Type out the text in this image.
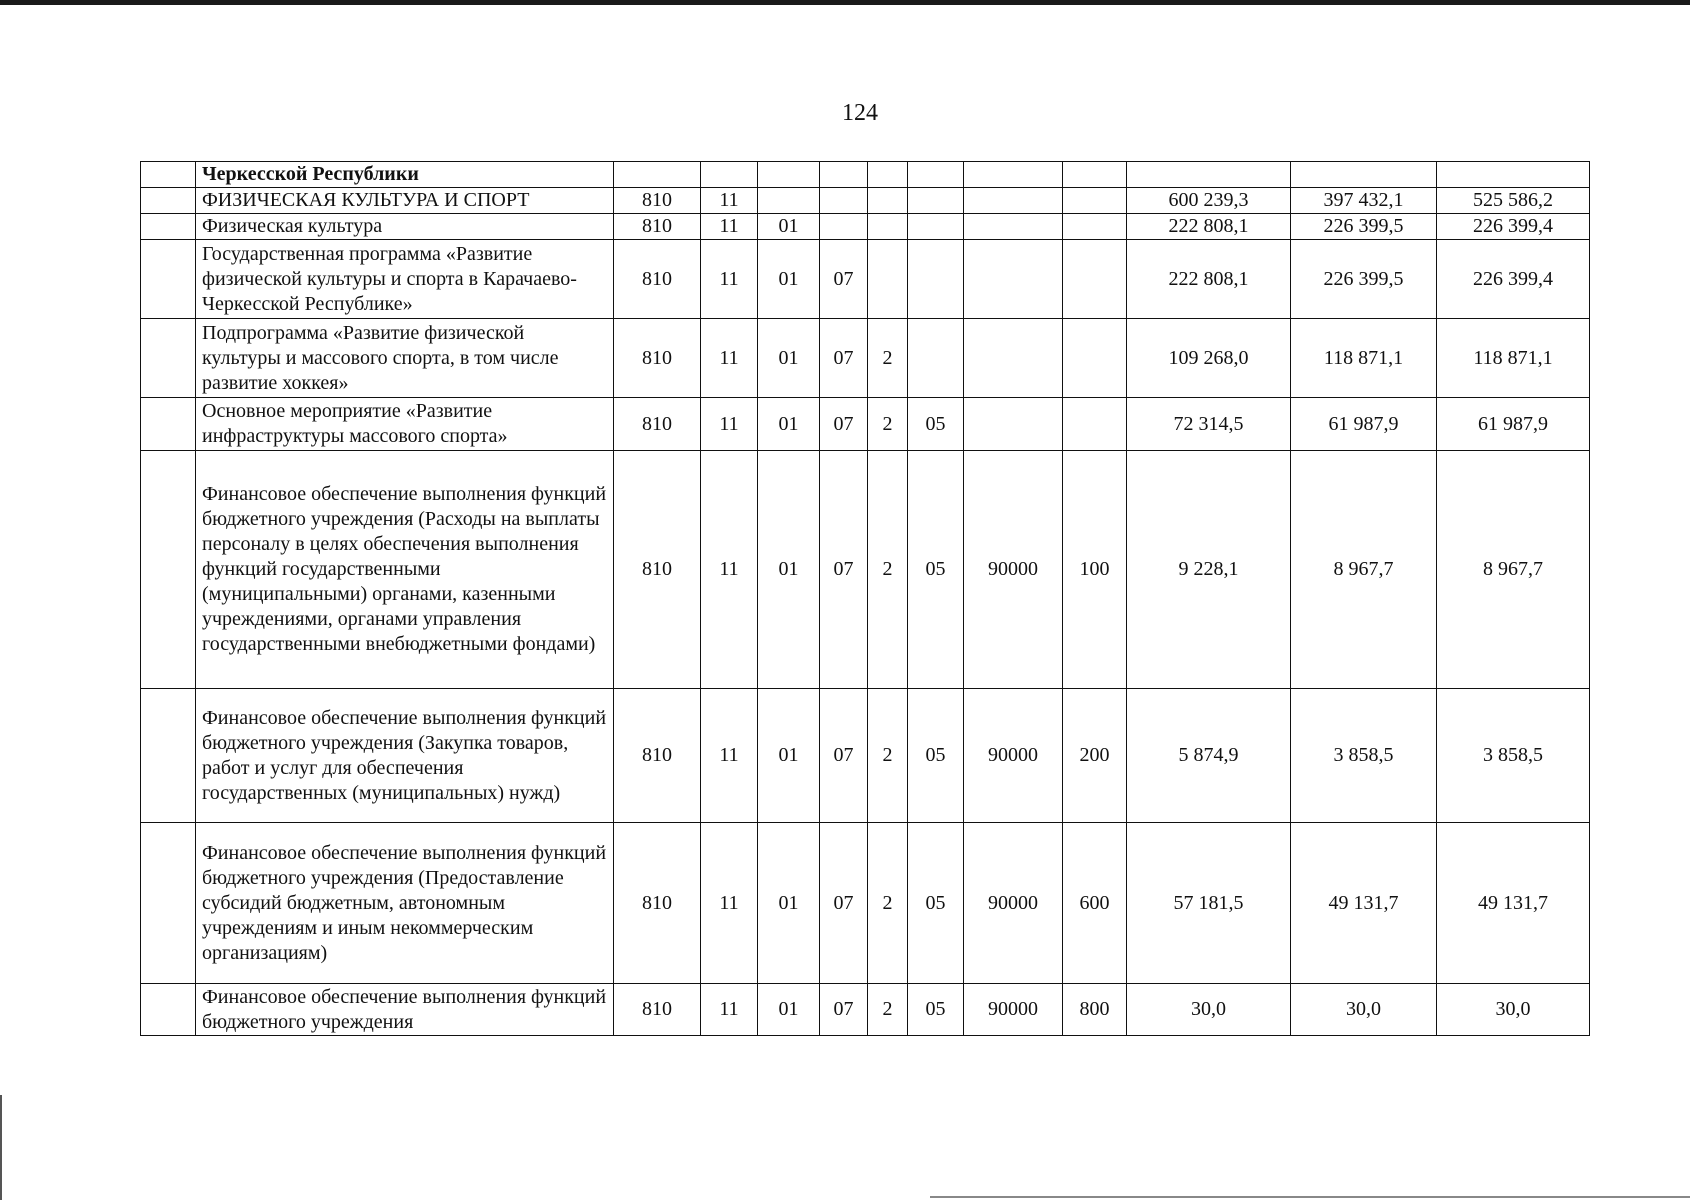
124
	Черкесской Республики											
	ФИЗИЧЕСКАЯ КУЛЬТУРА И СПОРТ	810	11							600 239,3	397 432,1	525 586,2
	Физическая культура	810	11	01						222 808,1	226 399,5	226 399,4
	Государственная программа «Развитие физической культуры и спорта в Карачаево-Черкесской Республике»	810	11	01	07					222 808,1	226 399,5	226 399,4
	Подпрограмма «Развитие физической культуры и массового спорта, в том числе развитие хоккея»	810	11	01	07	2				109 268,0	118 871,1	118 871,1
	Основное мероприятие «Развитие инфраструктуры массового спорта»	810	11	01	07	2	05			72 314,5	61 987,9	61 987,9
	Финансовое обеспечение выполнения функций бюджетного учреждения (Расходы на выплаты персоналу в целях обеспечения выполнения функций государственными (муниципальными) органами, казенными учреждениями, органами управления государственными внебюджетными фондами)	810	11	01	07	2	05	90000	100	9 228,1	8 967,7	8 967,7
	Финансовое обеспечение выполнения функций бюджетного учреждения (Закупка товаров, работ и услуг для обеспечения государственных (муниципальных) нужд)	810	11	01	07	2	05	90000	200	5 874,9	3 858,5	3 858,5
	Финансовое обеспечение выполнения функций бюджетного учреждения (Предоставление субсидий бюджетным, автономным учреждениям и иным некоммерческим организациям)	810	11	01	07	2	05	90000	600	57 181,5	49 131,7	49 131,7
	Финансовое обеспечение выполнения функций бюджетного учреждения	810	11	01	07	2	05	90000	800	30,0	30,0	30,0
